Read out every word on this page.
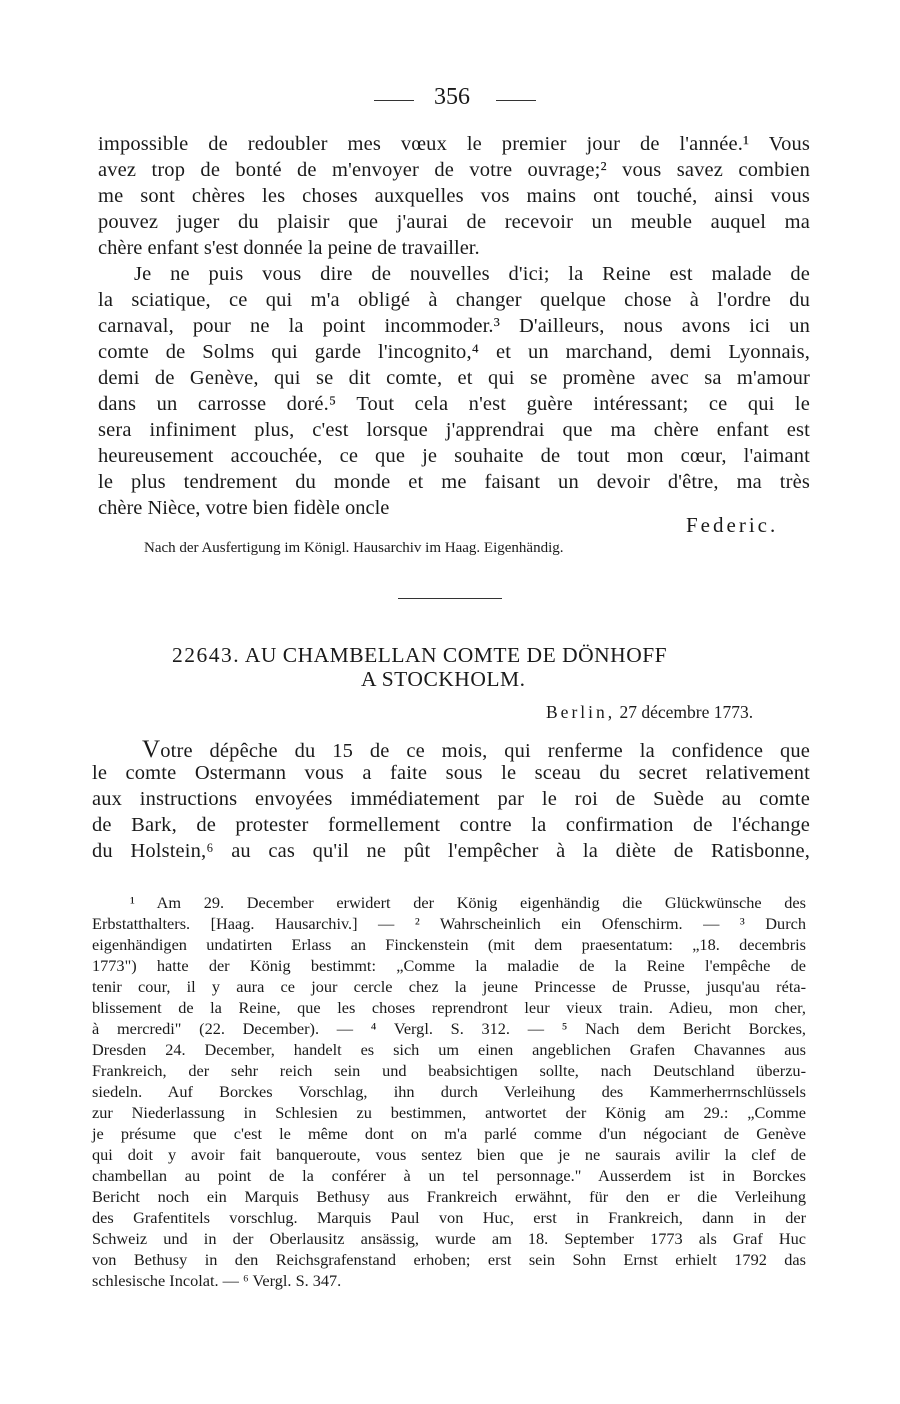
356
impossible de redoubler mes vœux le premier jour de l'année.¹ Vous
avez trop de bonté de m'envoyer de votre ouvrage;² vous savez combien
me sont chères les choses auxquelles vos mains ont touché, ainsi vous
pouvez juger du plaisir que j'aurai de recevoir un meuble auquel ma
chère enfant s'est donnée la peine de travailler.
Je ne puis vous dire de nouvelles d'ici; la Reine est malade de
la sciatique, ce qui m'a obligé à changer quelque chose à l'ordre du
carnaval, pour ne la point incommoder.³ D'ailleurs, nous avons ici un
comte de Solms qui garde l'incognito,⁴ et un marchand, demi Lyonnais,
demi de Genève, qui se dit comte, et qui se promène avec sa m'amour
dans un carrosse doré.⁵ Tout cela n'est guère intéressant; ce qui le
sera infiniment plus, c'est lorsque j'apprendrai que ma chère enfant est
heureusement accouchée, ce que je souhaite de tout mon cœur, l'aimant
le plus tendrement du monde et me faisant un devoir d'être, ma très
chère Nièce, votre bien fidèle oncle
Federic.
Nach der Ausfertigung im Königl. Hausarchiv im Haag. Eigenhändig.
22643. AU CHAMBELLAN COMTE DE DÖNHOFF
A STOCKHOLM.
Berlin, 27 décembre 1773.
Votre dépêche du 15 de ce mois, qui renferme la confidence que
le comte Ostermann vous a faite sous le sceau du secret relativement
aux instructions envoyées immédiatement par le roi de Suède au comte
de Bark, de protester formellement contre la confirmation de l'échange
du Holstein,⁶ au cas qu'il ne pût l'empêcher à la diète de Ratisbonne,
¹ Am 29. December erwidert der König eigenhändig die Glückwünsche des
Erbstatthalters. [Haag. Hausarchiv.] — ² Wahrscheinlich ein Ofenschirm. — ³ Durch
eigenhändigen undatirten Erlass an Finckenstein (mit dem praesentatum: „18. decembris
1773") hatte der König bestimmt: „Comme la maladie de la Reine l'empêche de
tenir cour, il y aura ce jour cercle chez la jeune Princesse de Prusse, jusqu'au réta-
blissement de la Reine, que les choses reprendront leur vieux train. Adieu, mon cher,
à mercredi" (22. December). — ⁴ Vergl. S. 312. — ⁵ Nach dem Bericht Borckes,
Dresden 24. December, handelt es sich um einen angeblichen Grafen Chavannes aus
Frankreich, der sehr reich sein und beabsichtigen sollte, nach Deutschland überzu-
siedeln. Auf Borckes Vorschlag, ihn durch Verleihung des Kammerherrnschlüssels
zur Niederlassung in Schlesien zu bestimmen, antwortet der König am 29.: „Comme
je présume que c'est le même dont on m'a parlé comme d'un négociant de Genève
qui doit y avoir fait banqueroute, vous sentez bien que je ne saurais avilir la clef de
chambellan au point de la conférer à un tel personnage." Ausserdem ist in Borckes
Bericht noch ein Marquis Bethusy aus Frankreich erwähnt, für den er die Verleihung
des Grafentitels vorschlug. Marquis Paul von Huc, erst in Frankreich, dann in der
Schweiz und in der Oberlausitz ansässig, wurde am 18. September 1773 als Graf Huc
von Bethusy in den Reichsgrafenstand erhoben; erst sein Sohn Ernst erhielt 1792 das
schlesische Incolat. — ⁶ Vergl. S. 347.
